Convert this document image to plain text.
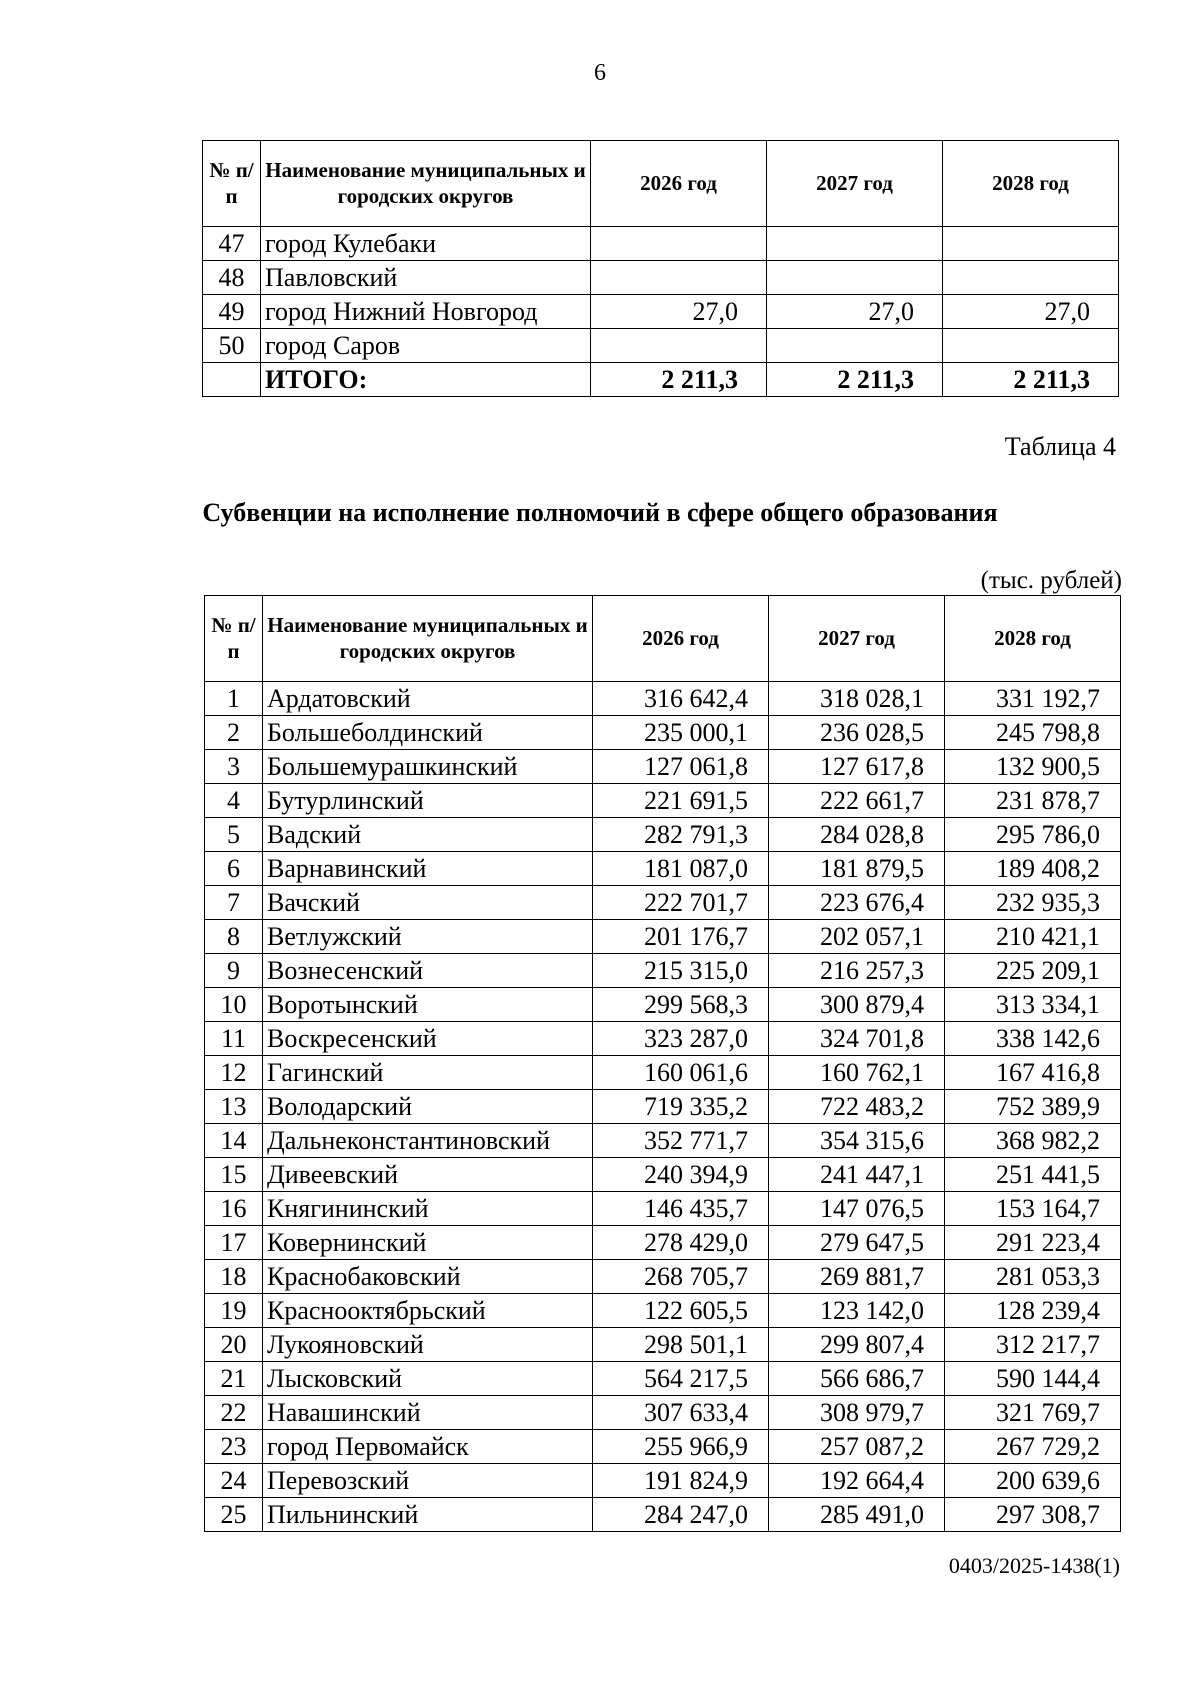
6
№ п/п	Наименование муниципальных и городских округов	2026 год	2027 год	2028 год
47	город Кулебаки			
48	Павловский			
49	город Нижний Новгород	27,0	27,0	27,0
50	город Саров			
	ИТОГО:	2 211,3	2 211,3	2 211,3
Таблица 4
Субвенции на исполнение полномочий в сфере общего образования
(тыс. рублей)
№ п/п	Наименование муниципальных и городских округов	2026 год	2027 год	2028 год
1	Ардатовский	316 642,4	318 028,1	331 192,7
2	Большеболдинский	235 000,1	236 028,5	245 798,8
3	Большемурашкинский	127 061,8	127 617,8	132 900,5
4	Бутурлинский	221 691,5	222 661,7	231 878,7
5	Вадский	282 791,3	284 028,8	295 786,0
6	Варнавинский	181 087,0	181 879,5	189 408,2
7	Вачский	222 701,7	223 676,4	232 935,3
8	Ветлужский	201 176,7	202 057,1	210 421,1
9	Вознесенский	215 315,0	216 257,3	225 209,1
10	Воротынский	299 568,3	300 879,4	313 334,1
11	Воскресенский	323 287,0	324 701,8	338 142,6
12	Гагинский	160 061,6	160 762,1	167 416,8
13	Володарский	719 335,2	722 483,2	752 389,9
14	Дальнеконстантиновский	352 771,7	354 315,6	368 982,2
15	Дивеевский	240 394,9	241 447,1	251 441,5
16	Княгининский	146 435,7	147 076,5	153 164,7
17	Ковернинский	278 429,0	279 647,5	291 223,4
18	Краснобаковский	268 705,7	269 881,7	281 053,3
19	Краснооктябрьский	122 605,5	123 142,0	128 239,4
20	Лукояновский	298 501,1	299 807,4	312 217,7
21	Лысковский	564 217,5	566 686,7	590 144,4
22	Навашинский	307 633,4	308 979,7	321 769,7
23	город Первомайск	255 966,9	257 087,2	267 729,2
24	Перевозский	191 824,9	192 664,4	200 639,6
25	Пильнинский	284 247,0	285 491,0	297 308,7
0403/2025-1438(1)
